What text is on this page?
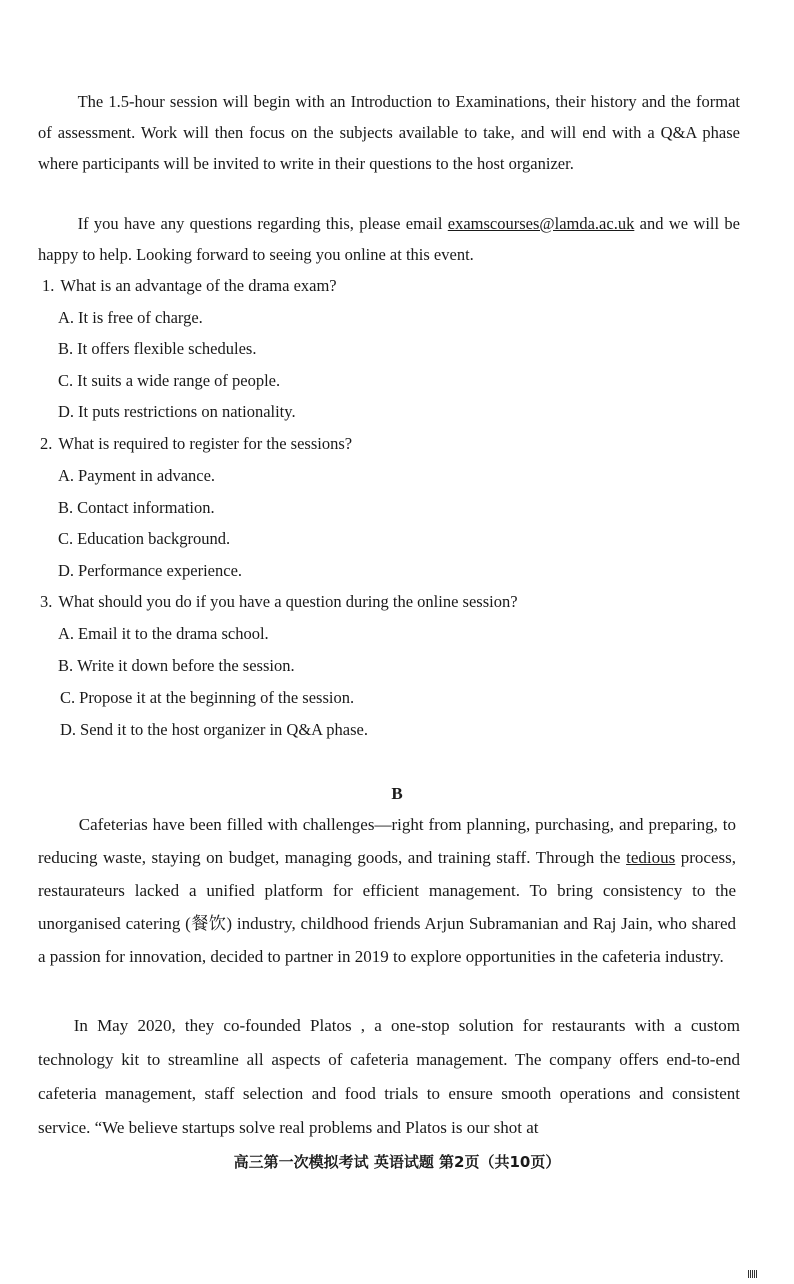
The 1.5-hour session will begin with an Introduction to Examinations, their history and the format of assessment. Work will then focus on the subjects available to take, and will end with a Q&A phase where participants will be invited to write in their questions to the host organizer.

If you have any questions regarding this, please email examscourses@lamda.ac.uk and we will be happy to help. Looking forward to seeing you online at this event.

1. What is an advantage of the drama exam?
A. It is free of charge.
B. It offers flexible schedules.
C. It suits a wide range of people.
D. It puts restrictions on nationality.
2. What is required to register for the sessions?
A. Payment in advance.
B. Contact information.
C. Education background.
D. Performance experience.
3. What should you do if you have a question during the online session?
A. Email it to the drama school.
B. Write it down before the session.
C. Propose it at the beginning of the session.
D. Send it to the host organizer in Q&A phase.
B

Cafeterias have been filled with challenges—right from planning, purchasing, and preparing, to reducing waste, staying on budget, managing goods, and training staff. Through the tedious process, restaurateurs lacked a unified platform for efficient management. To bring consistency to the unorganised catering (餐饮) industry, childhood friends Arjun Subramanian and Raj Jain, who shared a passion for innovation, decided to partner in 2019 to explore opportunities in the cafeteria industry.

In May 2020, they co-founded Platos , a one-stop solution for restaurants with a custom technology kit to streamline all aspects of cafeteria management. The company offers end-to-end cafeteria management, staff selection and food trials to ensure smooth operations and consistent service. “We believe startups solve real problems and Platos is our shot at

高三第一次模拟考试 英语试题 第2页（共10页）
